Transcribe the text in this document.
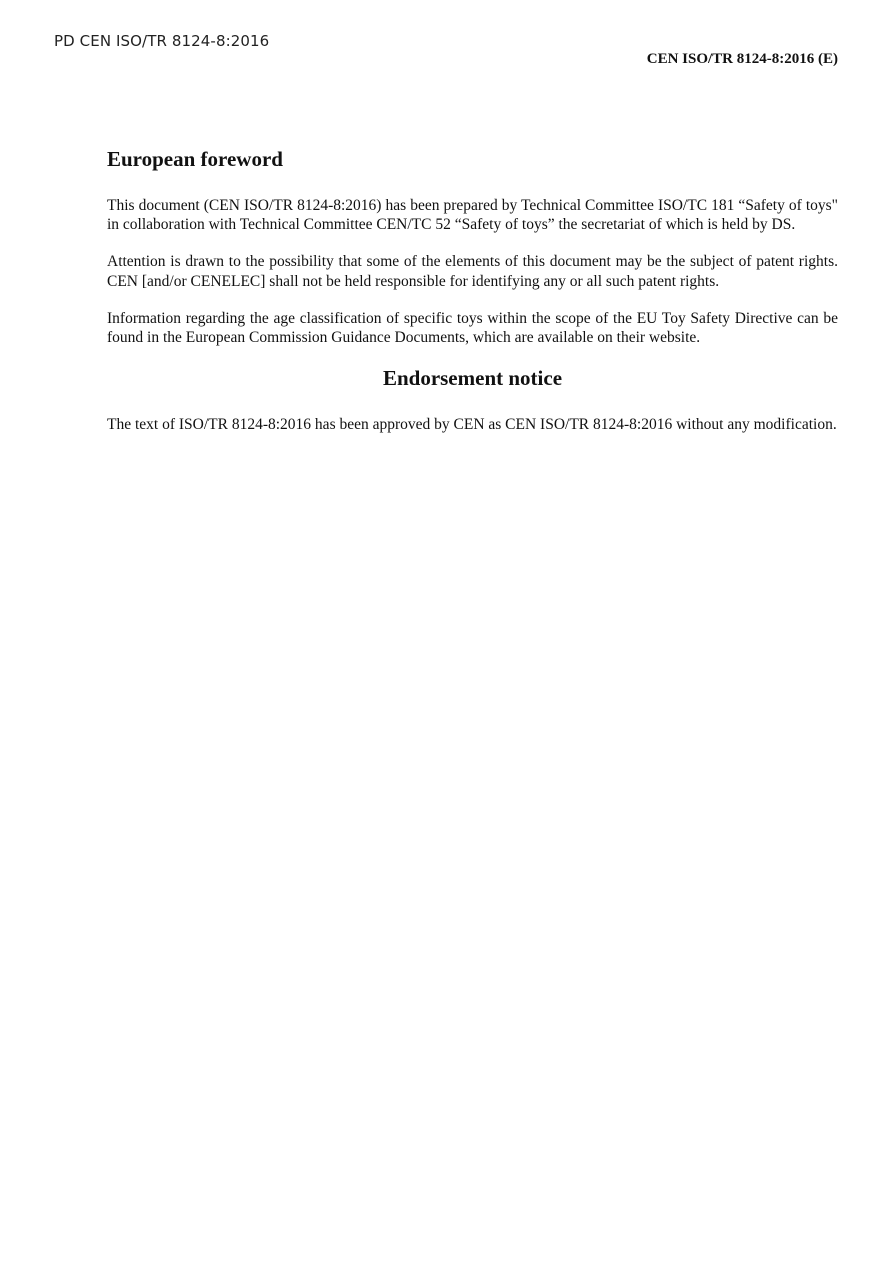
PD CEN ISO/TR 8124-8:2016
CEN ISO/TR 8124-8:2016 (E)
European foreword

This document (CEN ISO/TR 8124-8:2016) has been prepared by Technical Committee ISO/TC 181 “Safety of toys" in collaboration with Technical Committee CEN/TC 52 “Safety of toys” the secretariat of which is held by DS.

Attention is drawn to the possibility that some of the elements of this document may be the subject of patent rights. CEN [and/or CENELEC] shall not be held responsible for identifying any or all such patent rights.

Information regarding the age classification of specific toys within the scope of the EU Toy Safety Directive can be found in the European Commission Guidance Documents, which are available on their website.

Endorsement notice

The text of ISO/TR 8124-8:2016 has been approved by CEN as CEN ISO/TR 8124-8:2016 without any modification.
